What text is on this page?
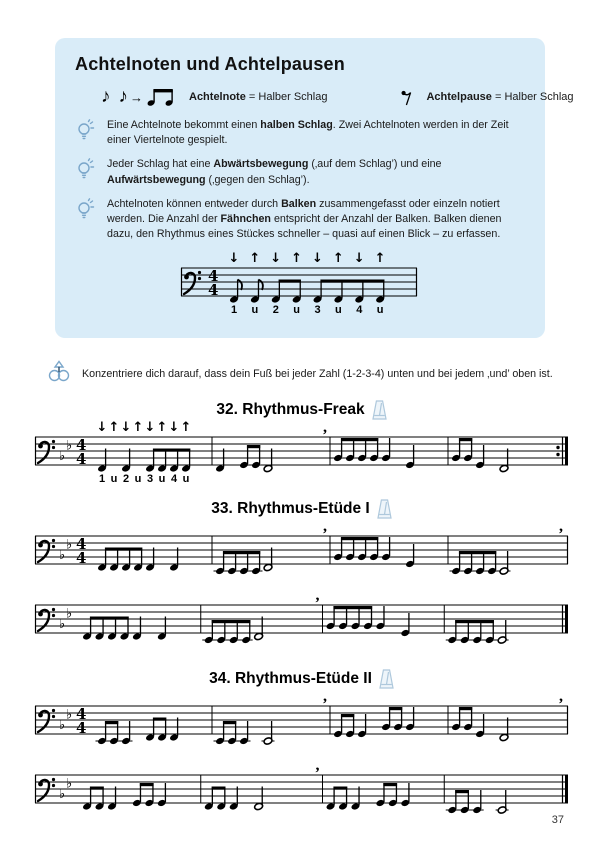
Achtelnoten und Achtelpausen
♪ ♪ →	Achtelnote = Halber Schlag	Achtelpause = Halber Schlag

Eine Achtelnote bekommt einen halben Schlag. Zwei Achtelnoten werden in der Zeit einer Viertelnote gespielt.

Jeder Schlag hat eine Abwärtsbewegung (‚auf dem Schlag’) und eine Aufwärtsbewegung (‚gegen den Schlag’).

Achtelnoten können entweder durch Balken zusammengefasst oder einzeln notiert werden. Die Anzahl der Fähnchen entspricht der Anzahl der Balken. Balken dienen dazu, den Rhythmus eines Stückes schneller – quasi auf einen Blick – zu erfassen.

4
4
↓ ↑ ↓ ↑ ↓ ↑ ↓ ↑
1 u 2 u 3 u 4 u

Konzentriere dich darauf, dass dein Fuß bei jeder Zahl (1-2-3-4) unten und bei jedem ‚und’ oben ist.

32. Rhythmus-Freak
♭
♭ 4
4
↓ ↑ ↓ ↑ ↓ ↑ ↓ ↑
1 u 2 u 3 u 4 u
,
33. Rhythmus-Etüde I
♭
♭ 4
4
,	,
♭
♭
,
34. Rhythmus-Etüde II
♭
♭ 4
4
,	,
♭
♭
,
37
